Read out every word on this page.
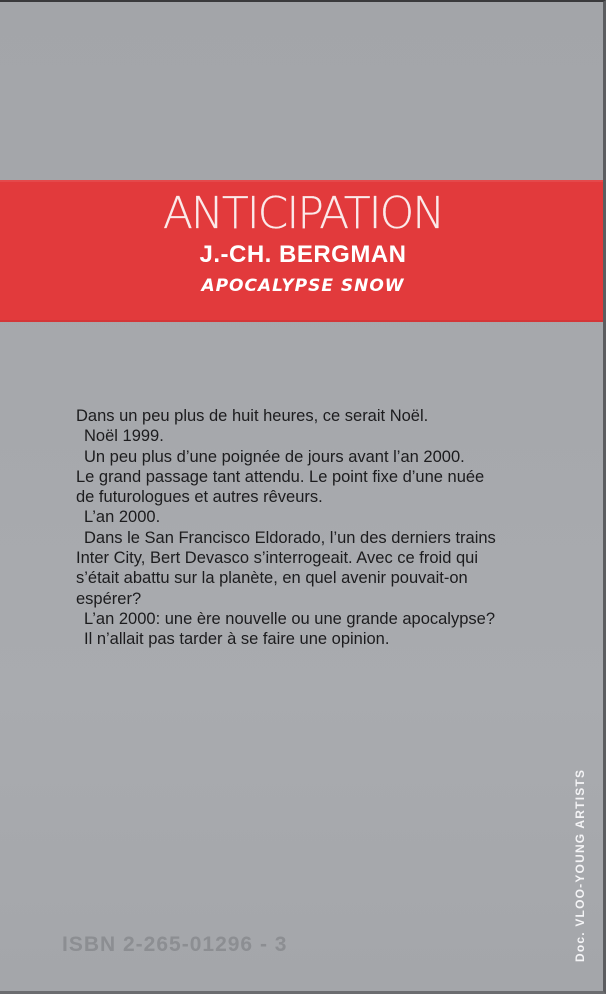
ANTICIPATION
J.-CH. BERGMAN
APOCALYPSE SNOW
Dans un peu plus de huit heures, ce serait Noël.
Noël 1999.
Un peu plus d’une poignée de jours avant l’an 2000.
Le grand passage tant attendu. Le point fixe d’une nuée
de futurologues et autres rêveurs.
L’an 2000.
Dans le San Francisco Eldorado, l’un des derniers trains
Inter City, Bert Devasco s’interrogeait. Avec ce froid qui
s’était abattu sur la planète, en quel avenir pouvait-on
espérer?
L’an 2000: une ère nouvelle ou une grande apocalypse?
Il n’allait pas tarder à se faire une opinion.
ISBN 2-265-01296 - 3	Doc. VLOO-YOUNG ARTISTS
